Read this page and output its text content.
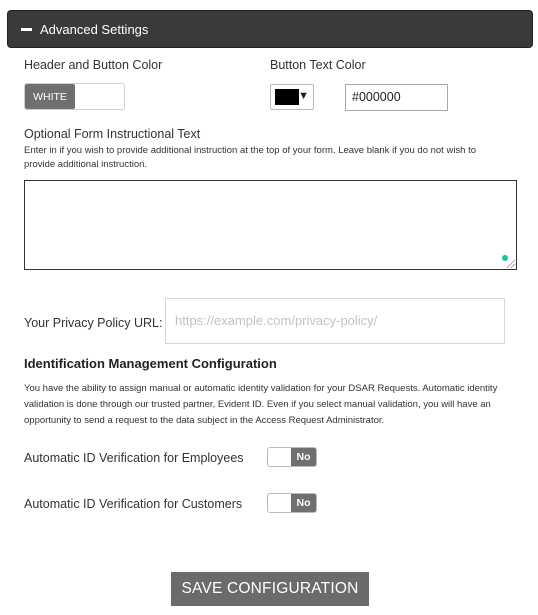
Advanced Settings
Header and Button Color
WHITE
Button Text Color
▼	#000000
Optional Form Instructional Text
Enter in if you wish to provide additional instruction at the top of your form. Leave blank if you do not wish to
provide additional instruction.
Your Privacy Policy URL: https://example.com/privacy-policy/
Identification Management Configuration
You have the ability to assign manual or automatic identity validation for your DSAR Requests. Automatic identity
validation is done through our trusted partner, Evident ID. Even if you select manual validation, you will have an
opportunity to send a request to the data subject in the Access Request Administrator.
Automatic ID Verification for Employees	No
Automatic ID Verification for Customers	No
SAVE CONFIGURATION
